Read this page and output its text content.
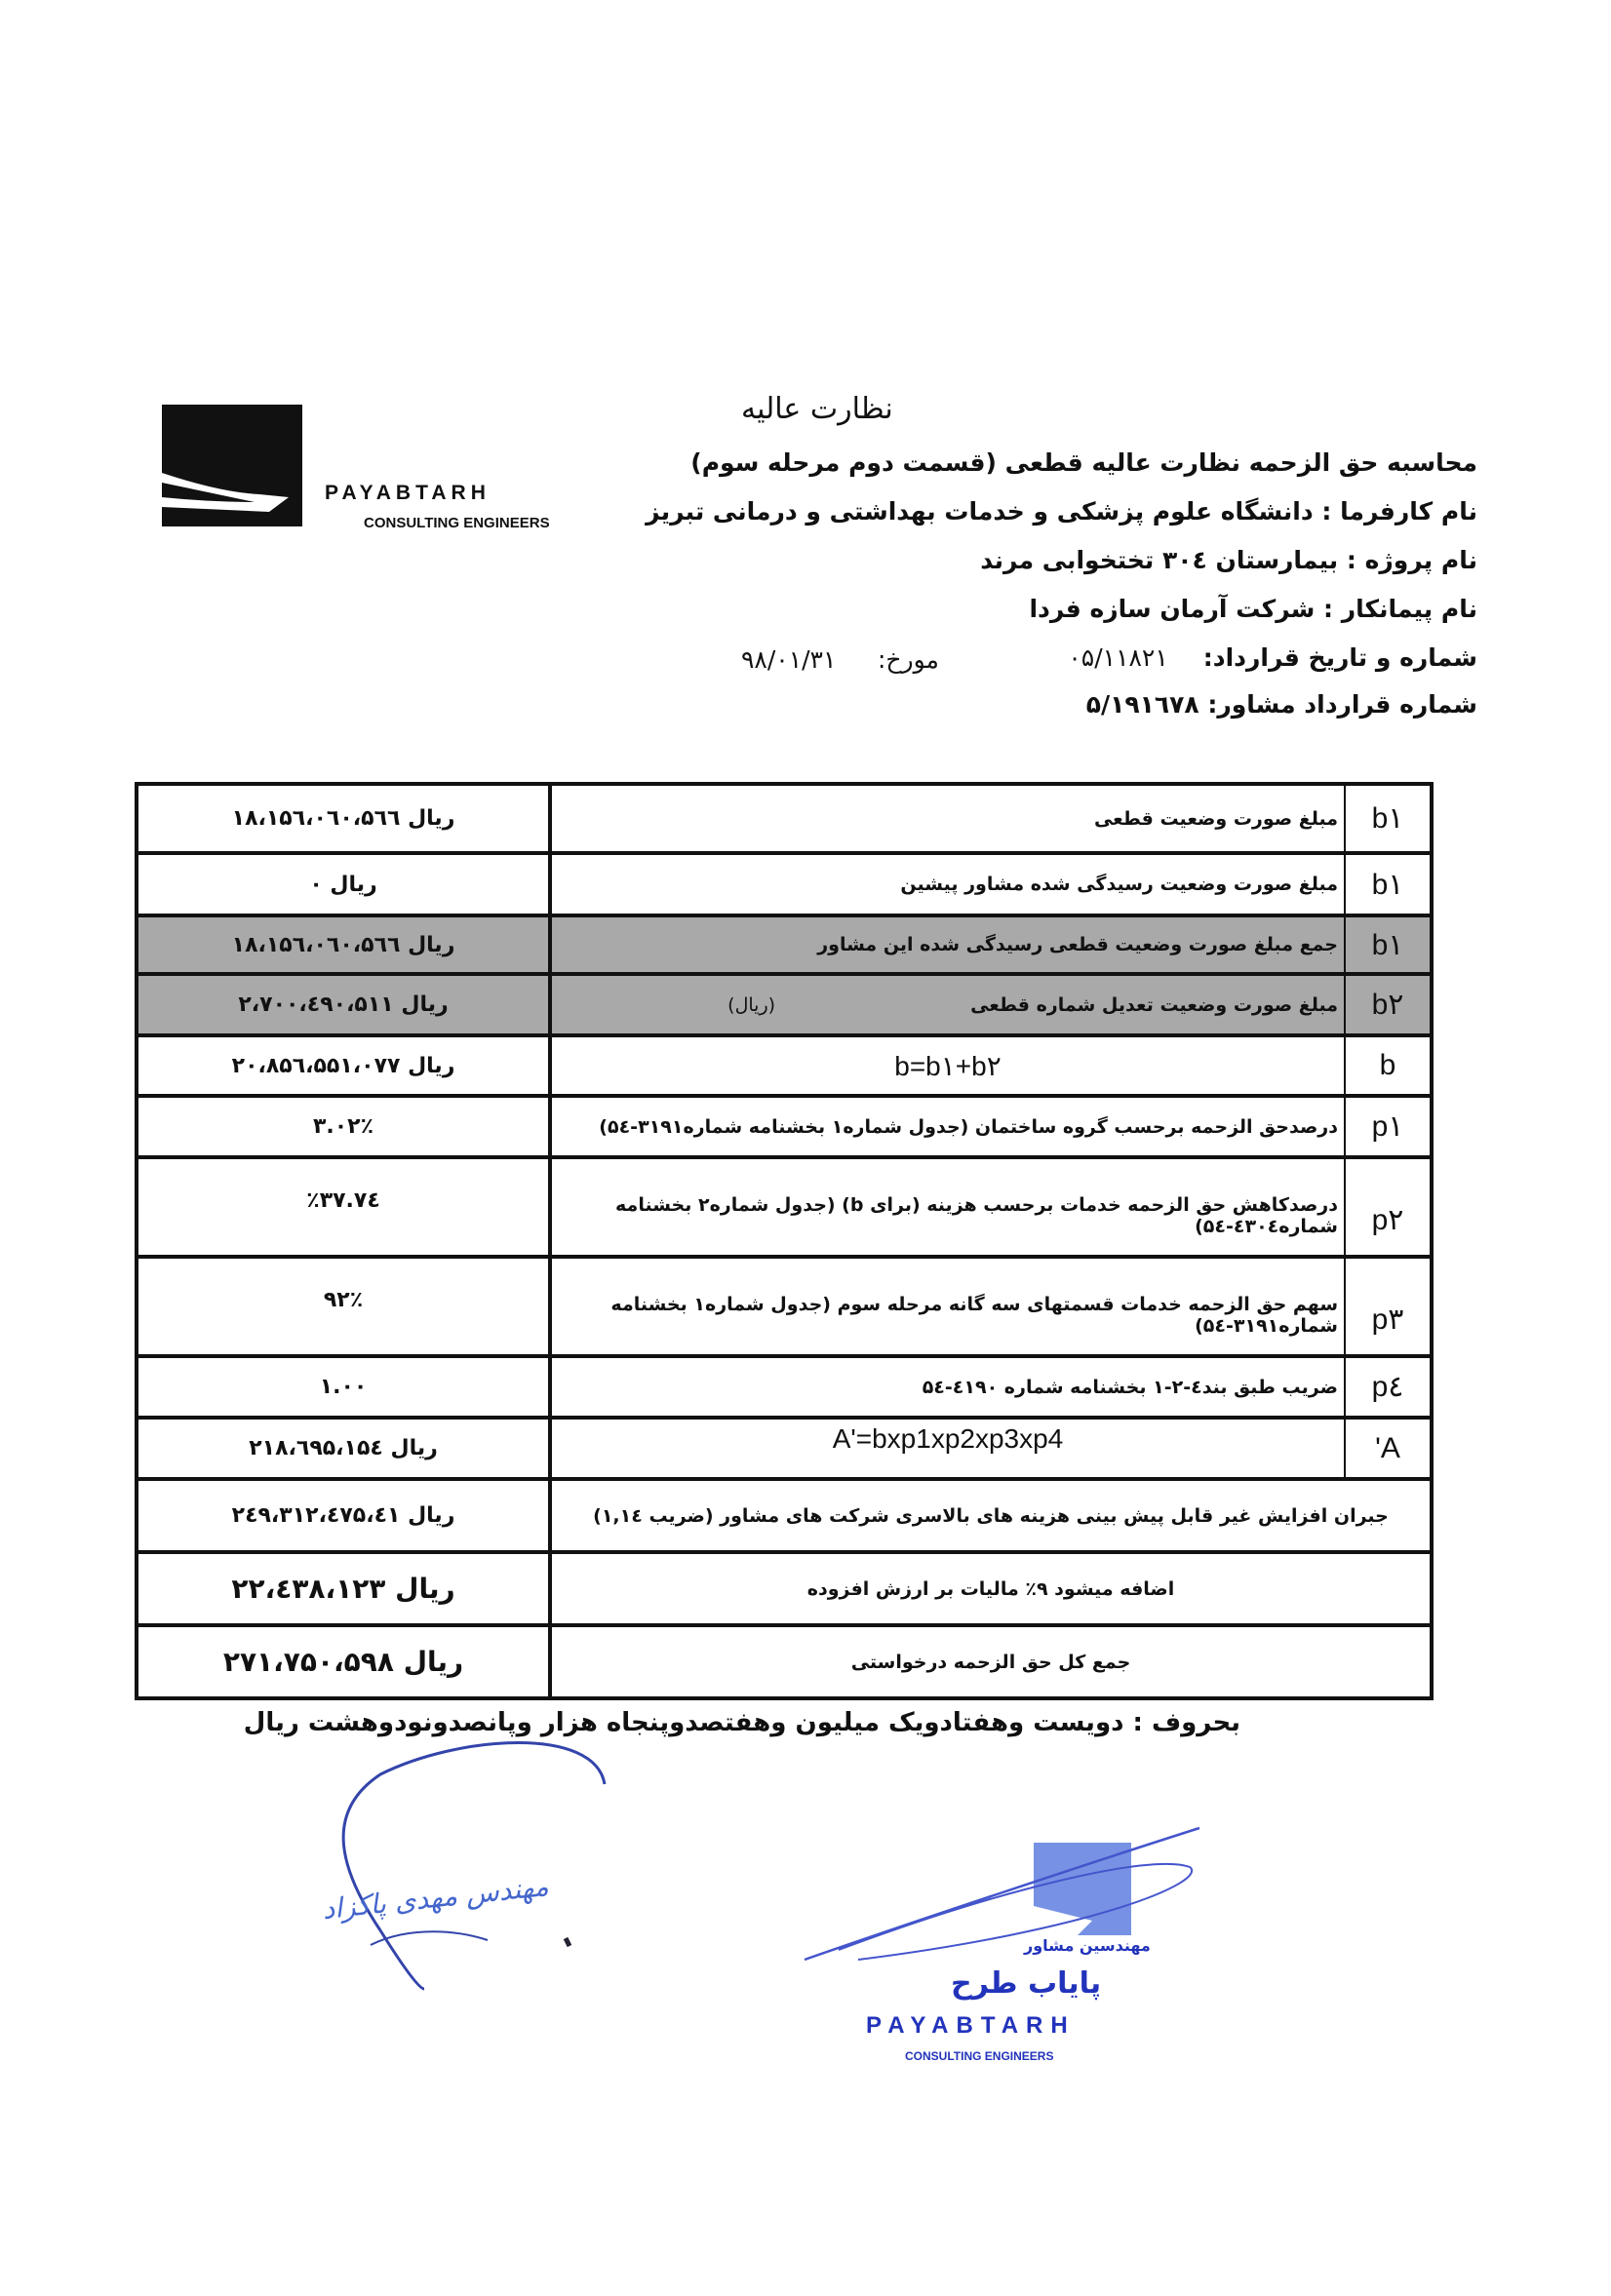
PAYABTARH
CONSULTING ENGINEERS
نظارت عالیه
محاسبه حق الزحمه نظارت عالیه قطعی (قسمت دوم مرحله سوم)
نام کارفرما : دانشگاه علوم پزشکی و خدمات بهداشتی و درمانی تبریز
نام پروژه : بیمارستان ۳۰٤ تختخوابی مرند
نام پیمانکار : شرکت آرمان سازه فردا
شماره و تاریخ قرارداد:
۰۵/۱۱۸۲۱
مورخ:
۹۸/۰۱/۳۱
شماره قرارداد مشاور: ۵/۱۹۱٦۷۸
b۱
مبلغ صورت وضعیت قطعی
ریال ۱۸،۱۵٦،۰٦۰،۵٦٦
b۱
مبلغ صورت وضعیت رسیدگی شده مشاور پیشین
ریال ۰
b۱
جمع مبلغ صورت وضعیت قطعی رسیدگی شده این مشاور
ریال ۱۸،۱۵٦،۰٦۰،۵٦٦
b۲
مبلغ صورت وضعیت تعدیل شماره قطعی
(ریال)
ریال ۲،۷۰۰،٤۹۰،۵۱۱
b
b=b۱+b۲
ریال ۲۰،۸۵٦،۵۵۱،۰۷۷
p۱
درصدحق الزحمه برحسب گروه ساختمان (جدول شماره۱ بخشنامه شماره۳۱۹۱-۵٤)
۳.۰۲٪
p۲
درصدکاهش حق الزحمه خدمات برحسب هزینه (برای b) (جدول شماره۲ بخشنامه شماره٤۳۰٤-۵٤)
۳۷.۷٤٪
p۳
سهم حق الزحمه خدمات قسمتهای سه گانه مرحله سوم (جدول شماره۱ بخشنامه شماره۳۱۹۱-۵٤)
۹۲٪
p٤
ضریب طبق بند٤-۲-۱ بخشنامه شماره ٤۱۹۰-۵٤
۱.۰۰
A'
A'=bxp1xp2xp3xp4
ریال ۲۱۸،٦۹۵،۱۵٤
جبران افزایش غیر قابل پیش بینی هزینه های بالاسری شرکت های مشاور (ضریب ۱,۱٤)
ریال ۲٤۹،۳۱۲،٤۷۵،٤۱
اضافه میشود ۹٪ مالیات بر ارزش افزوده
ریال ۲۲،٤۳۸،۱۲۳
جمع کل حق الزحمه درخواستی
ریال ۲۷۱،۷۵۰،۵۹۸
بحروف : دویست وهفتادویک میلیون وهفتصدوپنجاه هزار وپانصدونودوهشت ریال
مهندس مهدی پاکزاد
مهندسین مشاور
پایاب طرح
PAYABTARH
CONSULTING ENGINEERS
